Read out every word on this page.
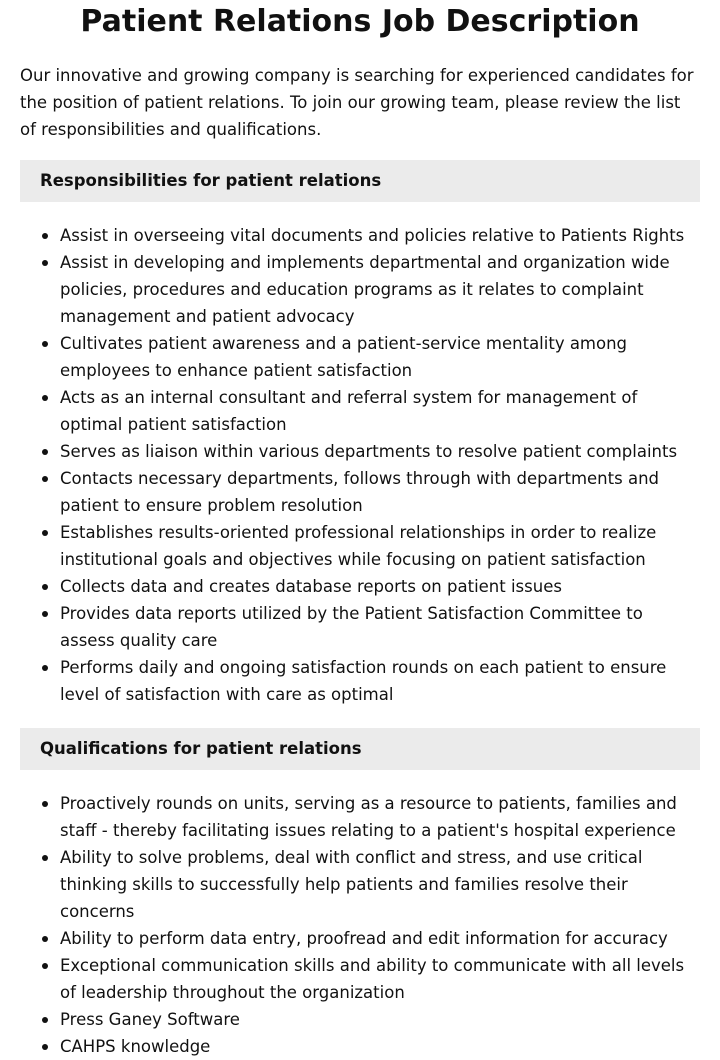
Patient Relations Job Description

Our innovative and growing company is searching for experienced candidates for the position of patient relations. To join our growing team, please review the list of responsibilities and qualifications.

Responsibilities for patient relations
Assist in overseeing vital documents and policies relative to Patients Rights
Assist in developing and implements departmental and organization wide policies, procedures and education programs as it relates to complaint management and patient advocacy
Cultivates patient awareness and a patient-service mentality among employees to enhance patient satisfaction
Acts as an internal consultant and referral system for management of optimal patient satisfaction
Serves as liaison within various departments to resolve patient complaints
Contacts necessary departments, follows through with departments and patient to ensure problem resolution
Establishes results-oriented professional relationships in order to realize institutional goals and objectives while focusing on patient satisfaction
Collects data and creates database reports on patient issues
Provides data reports utilized by the Patient Satisfaction Committee to assess quality care
Performs daily and ongoing satisfaction rounds on each patient to ensure level of satisfaction with care as optimal
Qualifications for patient relations
Proactively rounds on units, serving as a resource to patients, families and staff - thereby facilitating issues relating to a patient's hospital experience
Ability to solve problems, deal with conflict and stress, and use critical thinking skills to successfully help patients and families resolve their concerns
Ability to perform data entry, proofread and edit information for accuracy
Exceptional communication skills and ability to communicate with all levels of leadership throughout the organization
Press Ganey Software
CAHPS knowledge
